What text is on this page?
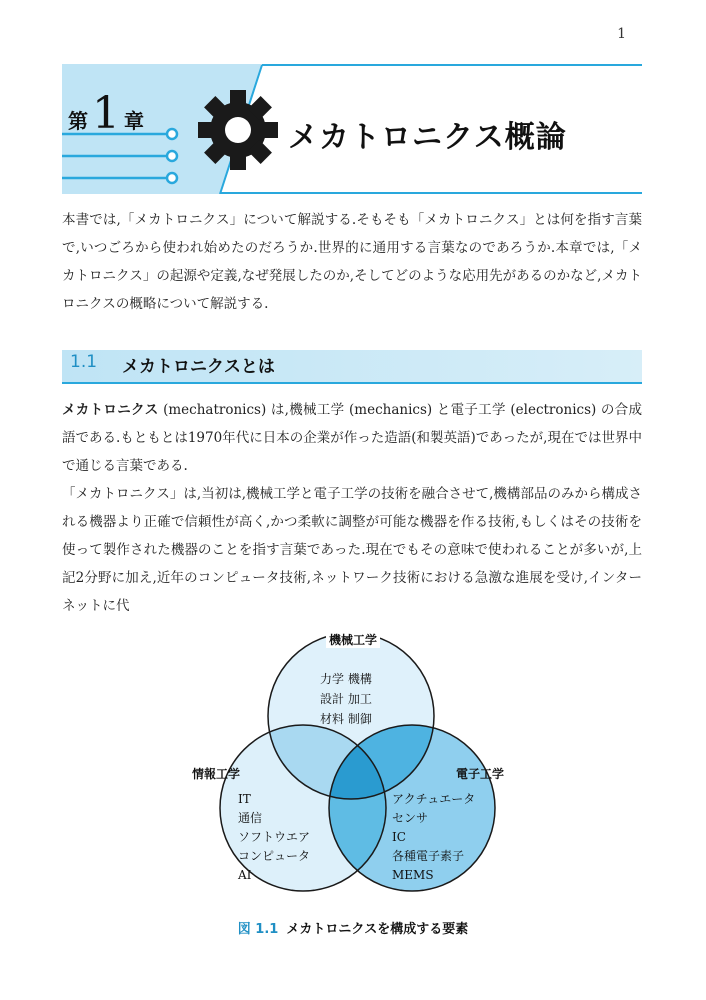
1
第1 章	メカトロニクス概論

本書では,「メカトロニクス」について解説する.そもそも「メカトロニクス」とは何を指す言葉で,いつごろから使われ始めたのだろうか.世界的に通用する言葉なのであろうか.本章では,「メカトロニクス」の起源や定義,なぜ発展したのか,そしてどのような応用先があるのかなど,メカトロニクスの概略について解説する.

1.1 メカトロニクスとは

メカトロニクス (mechatronics) は,機械工学 (mechanics) と電子工学 (electronics) の合成語である.もともとは1970年代に日本の企業が作った造語(和製英語)であったが,現在では世界中で通じる言葉である.

「メカトロニクス」は,当初は,機械工学と電子工学の技術を融合させて,機構部品のみから構成される機器より正確で信頼性が高く,かつ柔軟に調整が可能な機器を作る技術,もしくはその技術を使って製作された機器のことを指す言葉であった.現在でもその意味で使われることが多いが,上記2分野に加え,近年のコンピュータ技術,ネットワーク技術における急激な進展を受け,インターネットに代

機械工学
情報工学	電子工学
力学 機構
設計 加工
材料 制御
IT
通信
ソフトウエア
コンピュータ
AI
アクチュエータ
センサ
IC
各種電子素子
MEMS
図 1.1 メカトロニクスを構成する要素
